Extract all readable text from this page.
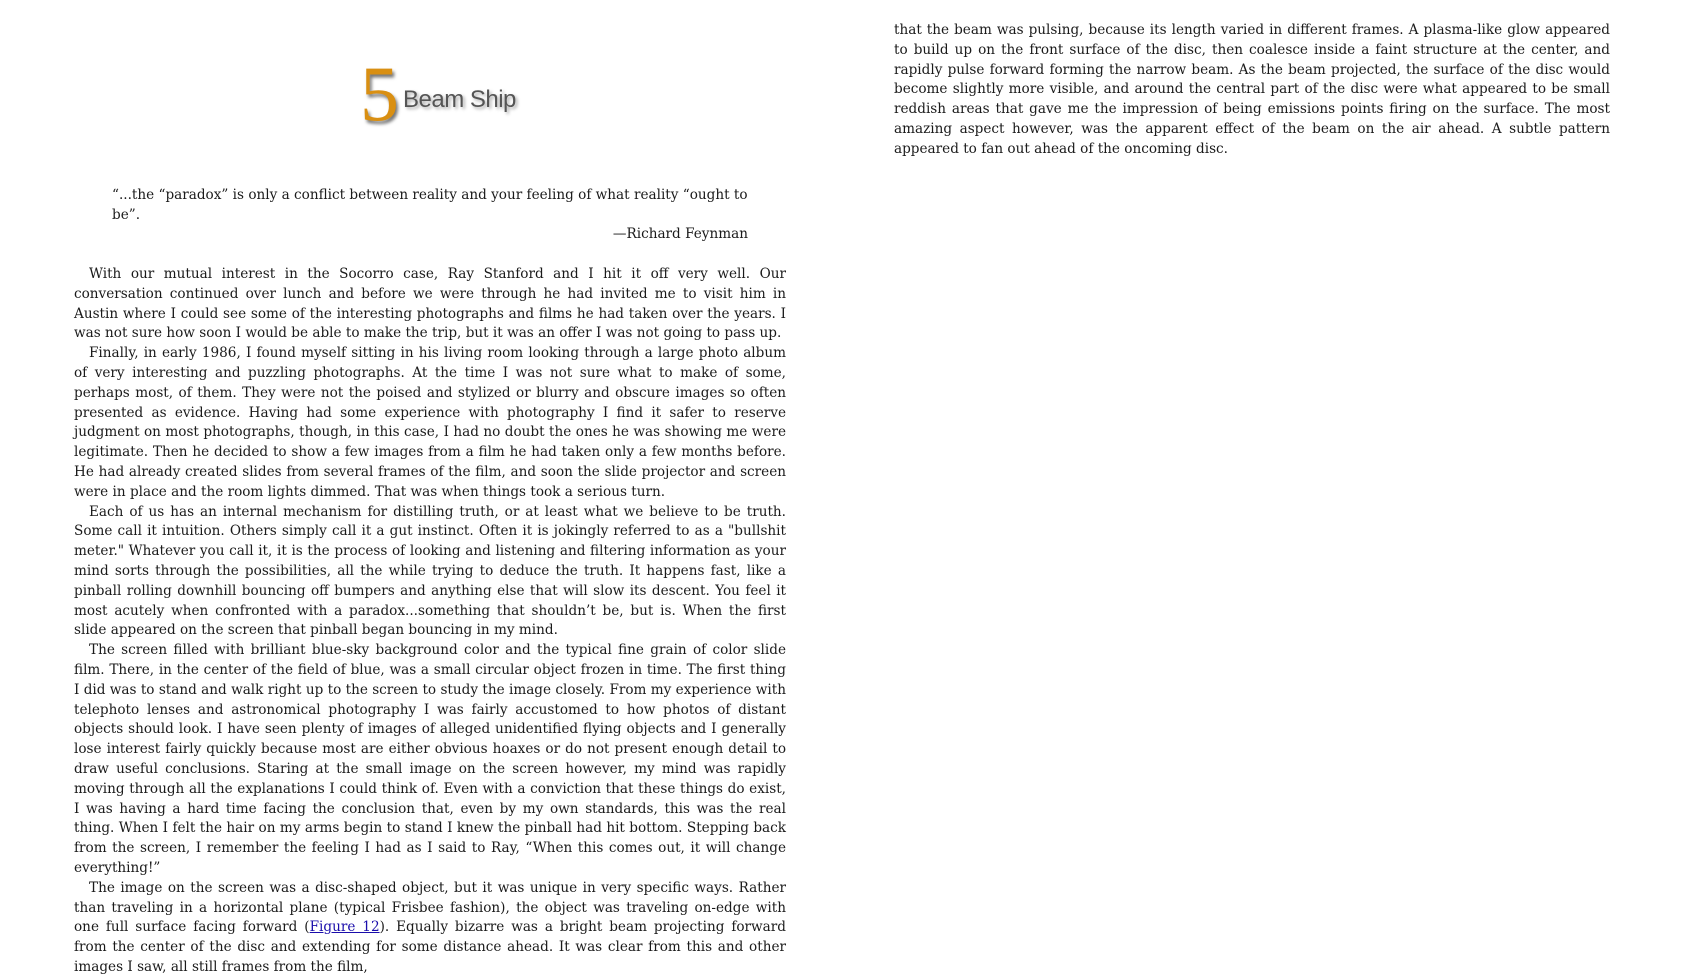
5 Beam Ship
“...the “paradox” is only a conflict between reality and your feeling of what reality “ought to be”.
—Richard Feynman

With our mutual interest in the Socorro case, Ray Stanford and I hit it off very well. Our conversation continued over lunch and before we were through he had invited me to visit him in Austin where I could see some of the interesting photographs and films he had taken over the years. I was not sure how soon I would be able to make the trip, but it was an offer I was not going to pass up.

Finally, in early 1986, I found myself sitting in his living room looking through a large photo album of very interesting and puzzling photographs. At the time I was not sure what to make of some, perhaps most, of them. They were not the poised and stylized or blurry and obscure images so often presented as evidence. Having had some experience with photography I find it safer to reserve judgment on most photographs, though, in this case, I had no doubt the ones he was showing me were legitimate. Then he decided to show a few images from a film he had taken only a few months before. He had already created slides from several frames of the film, and soon the slide projector and screen were in place and the room lights dimmed. That was when things took a serious turn.

Each of us has an internal mechanism for distilling truth, or at least what we believe to be truth. Some call it intuition. Others simply call it a gut instinct. Often it is jokingly referred to as a "bullshit meter." Whatever you call it, it is the process of looking and listening and filtering information as your mind sorts through the possibilities, all the while trying to deduce the truth. It happens fast, like a pinball rolling downhill bouncing off bumpers and anything else that will slow its descent. You feel it most acutely when confronted with a paradox...something that shouldn’t be, but is. When the first slide appeared on the screen that pinball began bouncing in my mind.

The screen filled with brilliant blue-sky background color and the typical fine grain of color slide film. There, in the center of the field of blue, was a small circular object frozen in time. The first thing I did was to stand and walk right up to the screen to study the image closely. From my experience with telephoto lenses and astronomical photography I was fairly accustomed to how photos of distant objects should look. I have seen plenty of images of alleged unidentified flying objects and I generally lose interest fairly quickly because most are either obvious hoaxes or do not present enough detail to draw useful conclusions. Staring at the small image on the screen however, my mind was rapidly moving through all the explanations I could think of. Even with a conviction that these things do exist, I was having a hard time facing the conclusion that, even by my own standards, this was the real thing. When I felt the hair on my arms begin to stand I knew the pinball had hit bottom. Stepping back from the screen, I remember the feeling I had as I said to Ray, “When this comes out, it will change everything!”

The image on the screen was a disc-shaped object, but it was unique in very specific ways. Rather than traveling in a horizontal plane (typical Frisbee fashion), the object was traveling on-edge with one full surface facing forward (Figure 12). Equally bizarre was a bright beam projecting forward from the center of the disc and extending for some distance ahead. It was clear from this and other images I saw, all still frames from the film,

that the beam was pulsing, because its length varied in different frames. A plasma-like glow appeared to build up on the front surface of the disc, then coalesce inside a faint structure at the center, and rapidly pulse forward forming the narrow beam. As the beam projected, the surface of the disc would become slightly more visible, and around the central part of the disc were what appeared to be small reddish areas that gave me the impression of being emissions points firing on the surface. The most amazing aspect however, was the apparent effect of the beam on the air ahead. A subtle pattern appeared to fan out ahead of the oncoming disc.
